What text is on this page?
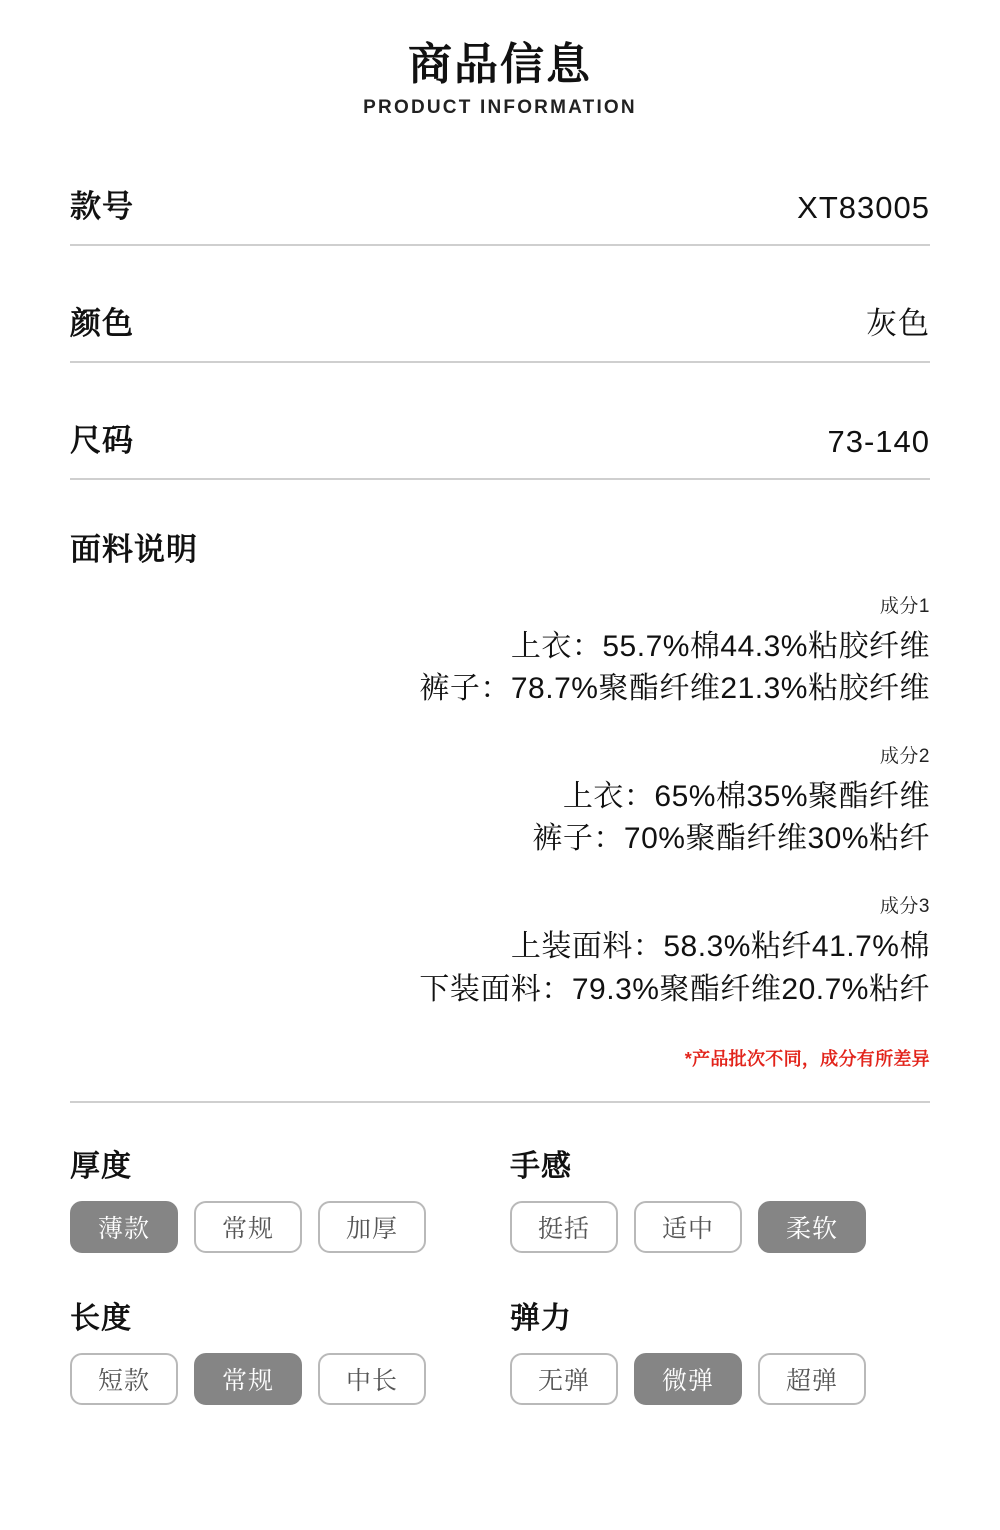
商品信息
PRODUCT INFORMATION
款号	XT83005
颜色	灰色
尺码	73-140
面料说明
成分1
上衣：55.7%棉44.3%粘胶纤维
裤子：78.7%聚酯纤维21.3%粘胶纤维
成分2
上衣：65%棉35%聚酯纤维
裤子：70%聚酯纤维30%粘纤
成分3
上装面料：58.3%粘纤41.7%棉
下装面料：79.3%聚酯纤维20.7%粘纤
*产品批次不同，成分有所差异
厚度
薄款	常规	加厚
手感
挺括	适中	柔软
长度
短款	常规	中长
弹力
无弹	微弹	超弹
